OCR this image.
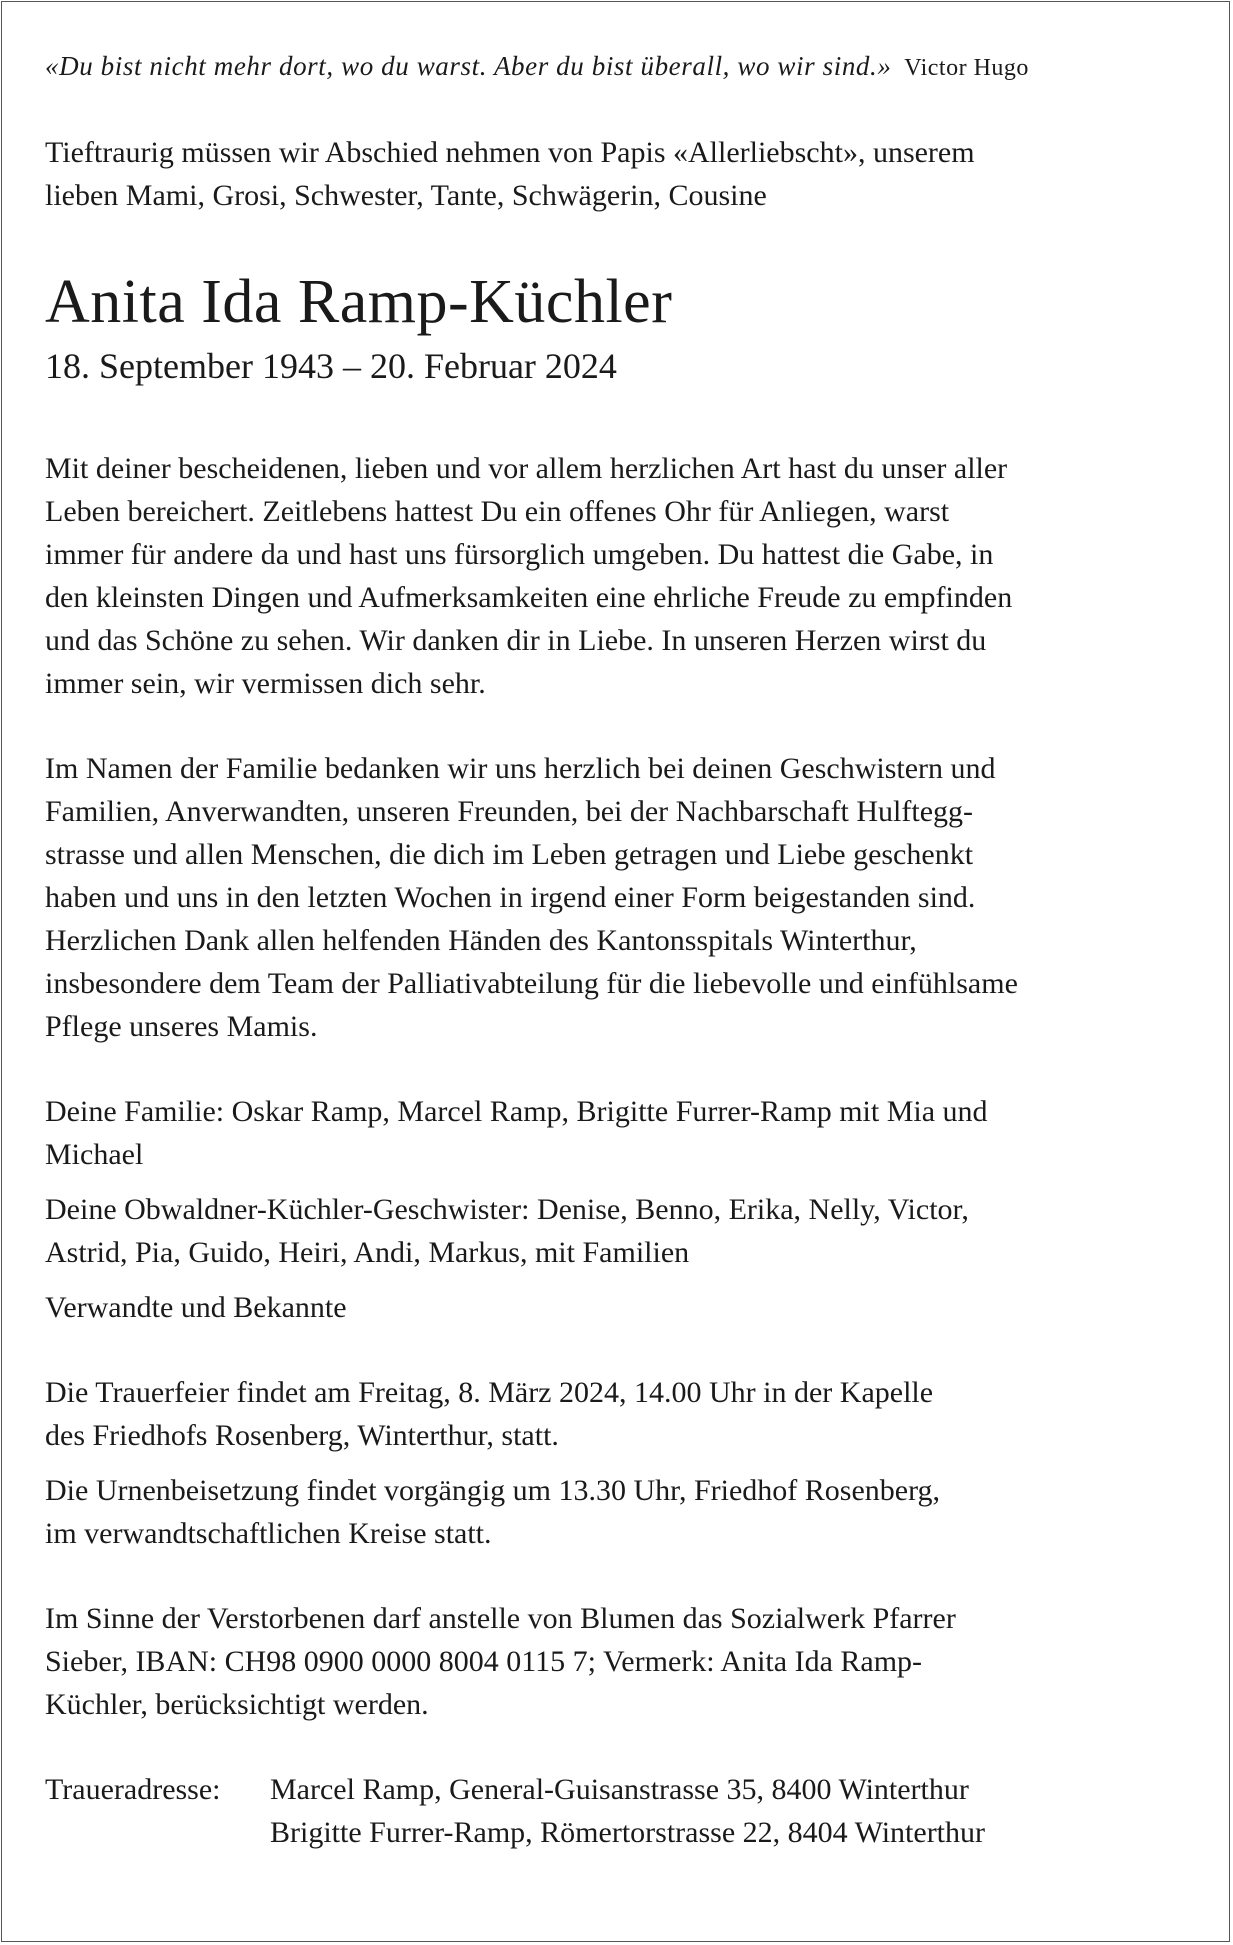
«Du bist nicht mehr dort, wo du warst. Aber du bist überall, wo wir sind.» Victor Hugo

Tieftraurig müssen wir Abschied nehmen von Papis «Allerliebscht», unserem
lieben Mami, Grosi, Schwester, Tante, Schwägerin, Cousine
Anita Ida Ramp-Küchler
18. September 1943 – 20. Februar 2024
Mit deiner bescheidenen, lieben und vor allem herzlichen Art hast du unser aller
Leben bereichert. Zeitlebens hattest Du ein offenes Ohr für Anliegen, warst
immer für andere da und hast uns fürsorglich umgeben. Du hattest die Gabe, in
den kleinsten Dingen und Aufmerksamkeiten eine ehrliche Freude zu empfinden
und das Schöne zu sehen. Wir danken dir in Liebe. In unseren Herzen wirst du
immer sein, wir vermissen dich sehr.
Im Namen der Familie bedanken wir uns herzlich bei deinen Geschwistern und
Familien, Anverwandten, unseren Freunden, bei der Nachbarschaft Hulftegg-
strasse und allen Menschen, die dich im Leben getragen und Liebe geschenkt
haben und uns in den letzten Wochen in irgend einer Form beigestanden sind.
Herzlichen Dank allen helfenden Händen des Kantonsspitals Winterthur,
insbesondere dem Team der Palliativabteilung für die liebevolle und einfühlsame
Pflege unseres Mamis.
Deine Familie: Oskar Ramp, Marcel Ramp, Brigitte Furrer-Ramp mit Mia und
Michael
Deine Obwaldner-Küchler-Geschwister: Denise, Benno, Erika, Nelly, Victor,
Astrid, Pia, Guido, Heiri, Andi, Markus, mit Familien
Verwandte und Bekannte
Die Trauerfeier findet am Freitag, 8. März 2024, 14.00 Uhr in der Kapelle
des Friedhofs Rosenberg, Winterthur, statt.
Die Urnenbeisetzung findet vorgängig um 13.30 Uhr, Friedhof Rosenberg,
im verwandtschaftlichen Kreise statt.
Im Sinne der Verstorbenen darf anstelle von Blumen das Sozialwerk Pfarrer
Sieber, IBAN: CH98 0900 0000 8004 0115 7; Vermerk: Anita Ida Ramp-
Küchler, berücksichtigt werden.
Traueradresse:	Marcel Ramp, General-Guisanstrasse 35, 8400 Winterthur
Brigitte Furrer-Ramp, Römertorstrasse 22, 8404 Winterthur
